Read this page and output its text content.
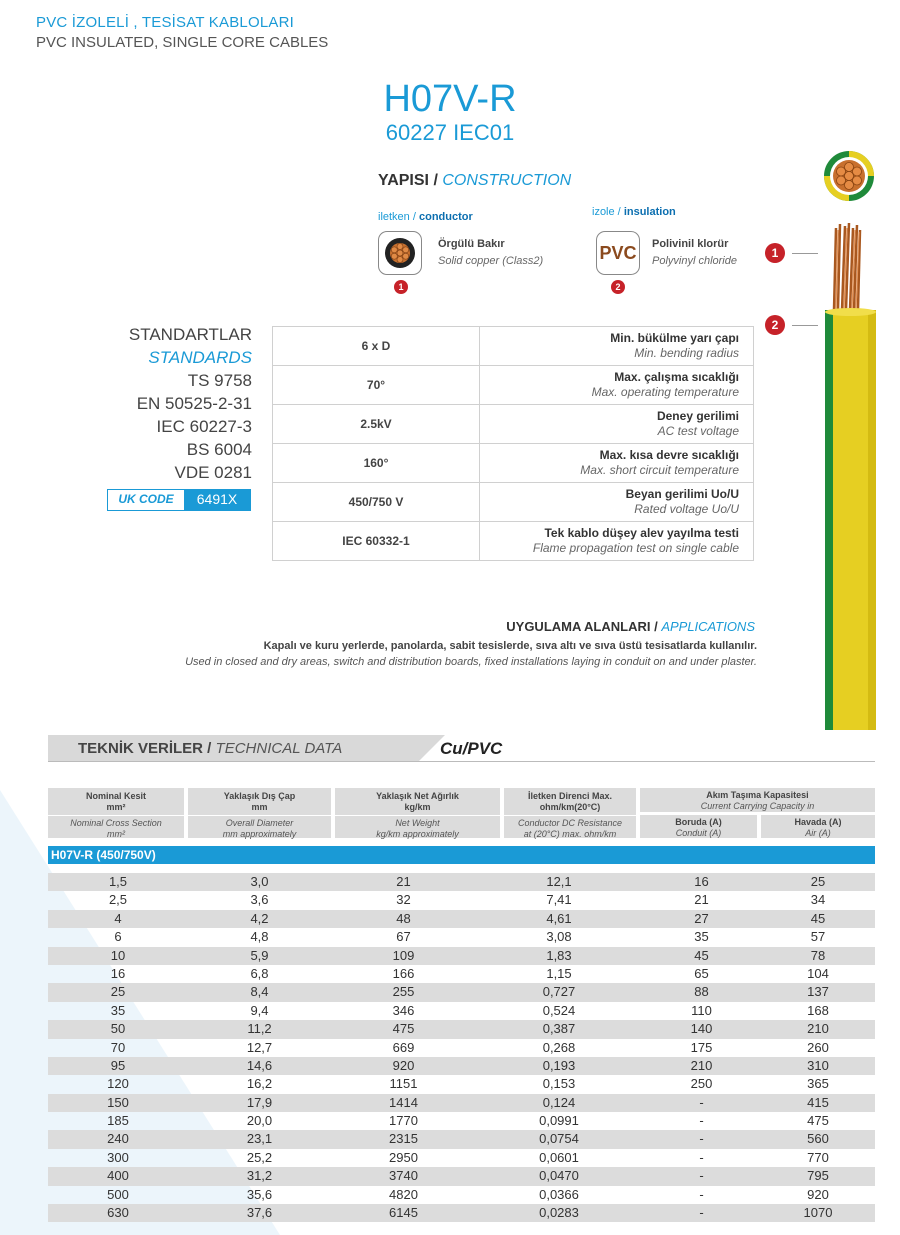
PVC İZOLELİ , TESİSAT KABLOLARI
PVC INSULATED, SINGLE CORE CABLES
H07V-R
60227 IEC01
YAPISI / CONSTRUCTION
iletken / conductor
1
Örgülü Bakır
Solid copper (Class2)
izole / insulation
PVC
2
Polivinil klorür
Polyvinyl chloride
1
2
STANDARTLAR
STANDARDS
TS 9758
EN 50525-2-31
IEC 60227-3
BS 6004
VDE 0281
UK CODE	6491X
6 x D	Min. bükülme yarı çapı
Min. bending radius

70°	Max. çalışma sıcaklığı
Max. operating temperature

2.5kV	Deney gerilimi
AC test voltage

160°	Max. kısa devre sıcaklığı
Max. short circuit temperature

450/750 V	Beyan gerilimi Uo/U
Rated voltage Uo/U

IEC 60332-1	Tek kablo düşey alev yayılma testi
Flame propagation test on single cable
UYGULAMA ALANLARI / APPLICATIONS
Kapalı ve kuru yerlerde, panolarda, sabit tesislerde, sıva altı ve sıva üstü tesisatlarda kullanılır.
Used in closed and dry areas, switch and distribution boards, fixed installations laying in conduit on and under plaster.
TEKNİK VERİLER / TECHNICAL DATA	Cu/PVC
Nominal Kesit
mm²
Nominal Cross Section
mm²
Yaklaşık Dış Çap
mm
Overall Diameter
mm approximately
Yaklaşık Net Ağırlık
kg/km
Net Weight
kg/km approximately
İletken Direnci Max.
ohm/km(20°C)
Conductor DC Resistance
at (20°C) max. ohm/km
Akım Taşıma Kapasitesi
Current Carrying Capacity in
Boruda (A)
Conduit (A)
Havada (A)
Air (A)
H07V-R (450/750V)
1,5	3,0	21	12,1	16	25
2,5	3,6	32	7,41	21	34
4	4,2	48	4,61	27	45
6	4,8	67	3,08	35	57
10	5,9	109	1,83	45	78
16	6,8	166	1,15	65	104
25	8,4	255	0,727	88	137
35	9,4	346	0,524	110	168
50	11,2	475	0,387	140	210
70	12,7	669	0,268	175	260
95	14,6	920	0,193	210	310
120	16,2	1151	0,153	250	365
150	17,9	1414	0,124	-	415
185	20,0	1770	0,0991	-	475
240	23,1	2315	0,0754	-	560
300	25,2	2950	0,0601	-	770
400	31,2	3740	0,0470	-	795
500	35,6	4820	0,0366	-	920
630	37,6	6145	0,0283	-	1070
